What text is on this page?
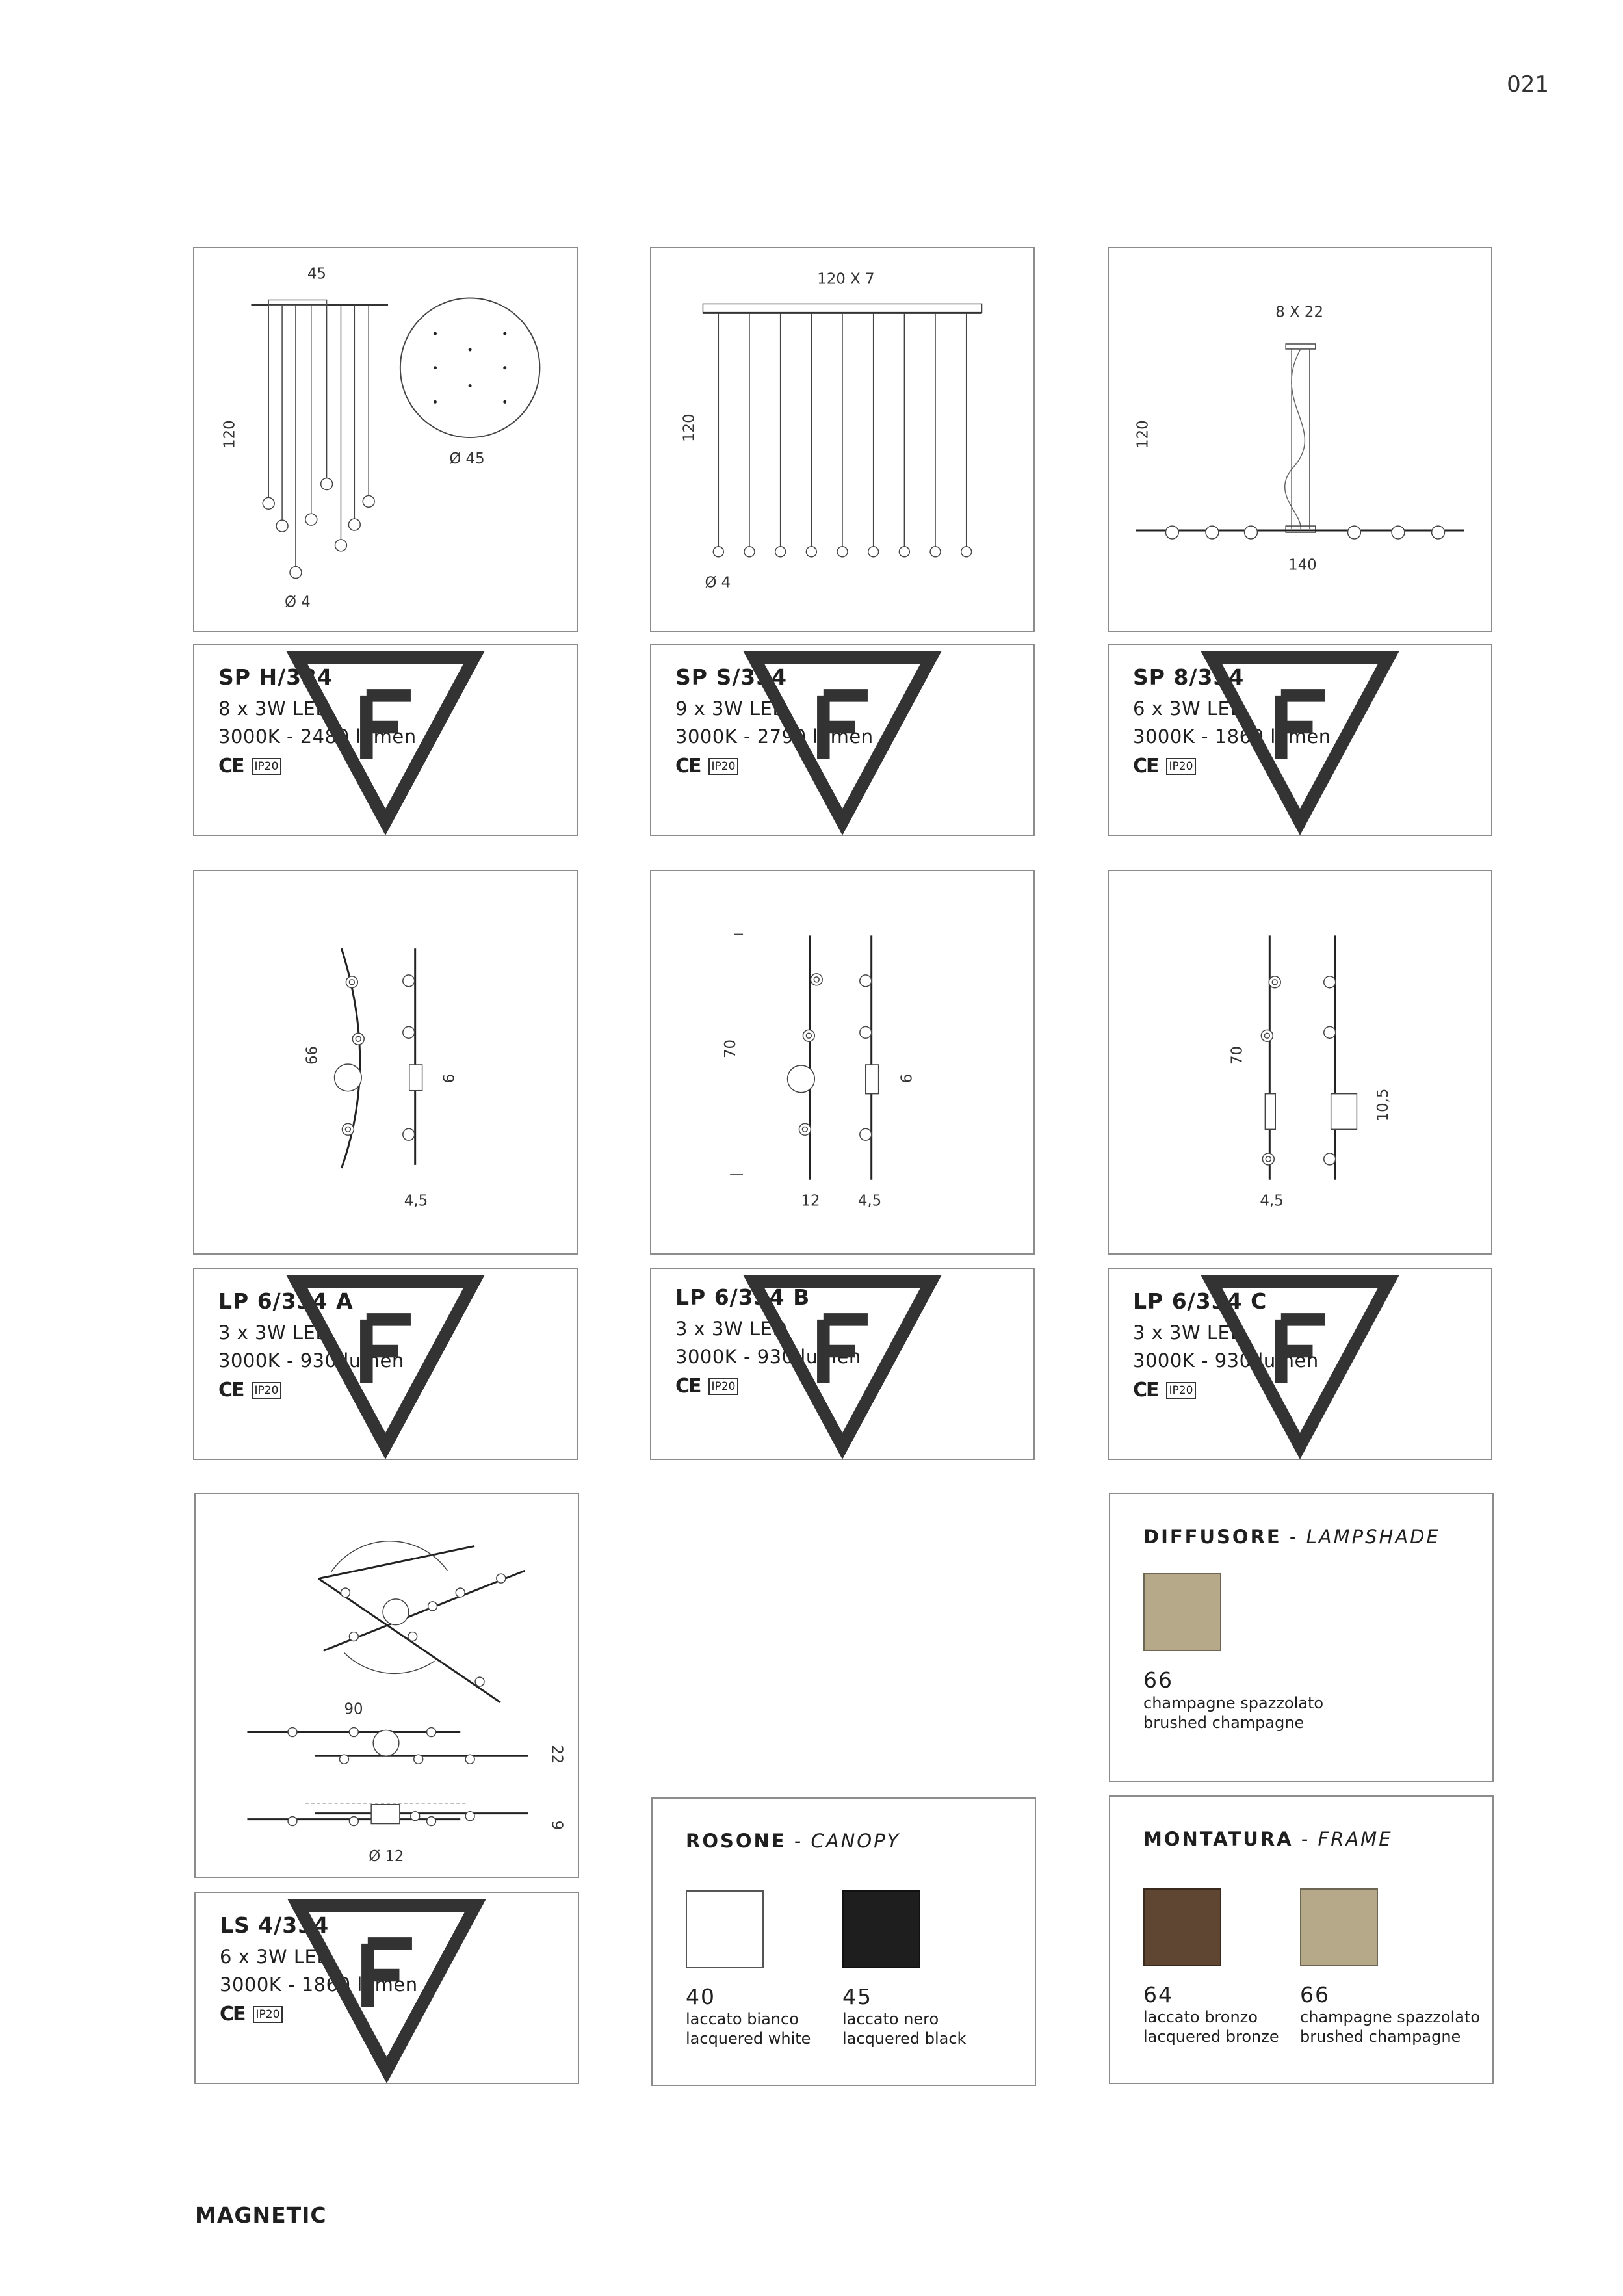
021
45
120
Ø 4
Ø 45
120 X 7
120
Ø 4
8 X 22
120
140
SP H/334
8 x 3W LED
3000K - 2480 lumen
CE IP20
SP S/334
9 x 3W LED
3000K - 2790 lumen
CE IP20
SP 8/334
6 x 3W LED
3000K - 1860 lumen
CE IP20
66
9
4,5
70
9
12	4,5
70
10,5
4,5
LP 6/334 A
3 x 3W LED
3000K - 930 lumen
CE IP20
LP 6/334 B
3 x 3W LED
3000K - 930 lumen
CE IP20
LP 6/334 C
3 x 3W LED
3000K - 930 lumen
CE IP20
90
22
9
Ø 12
LS 4/334
6 x 3W LED
3000K - 1860 lumen
CE IP20
DIFFUSORE - LAMPSHADE
66
champagne spazzolato
brushed champagne
ROSONE - CANOPY
40
laccato bianco
lacquered white
45
laccato nero
lacquered black
MONTATURA - FRAME
64
laccato bronzo
lacquered bronze
66
champagne spazzolato
brushed champagne
MAGNETIC
